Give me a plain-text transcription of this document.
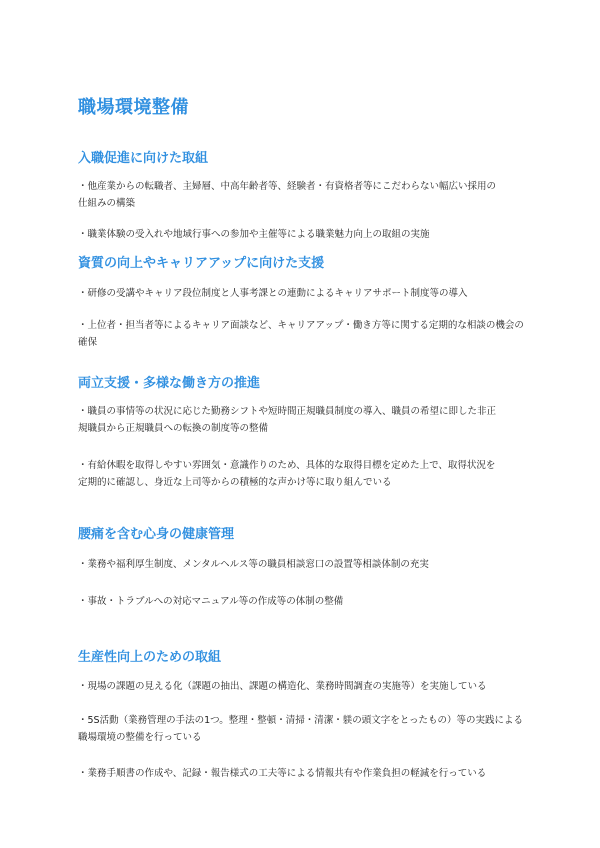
職場環境整備
入職促進に向けた取組
・他産業からの転職者、主婦層、中高年齢者等、経験者・有資格者等にこだわらない幅広い採用の
仕組みの構築
・職業体験の受入れや地域行事への参加や主催等による職業魅力向上の取組の実施
資質の向上やキャリアアップに向けた支援
・研修の受講やキャリア段位制度と人事考課との連動によるキャリアサポート制度等の導入
・上位者・担当者等によるキャリア面談など、キャリアアップ・働き方等に関する定期的な相談の機会の
確保
両立支援・多様な働き方の推進
・職員の事情等の状況に応じた勤務シフトや短時間正規職員制度の導入、職員の希望に即した非正
規職員から正規職員への転換の制度等の整備
・有給休暇を取得しやすい雰囲気・意識作りのため、具体的な取得目標を定めた上で、取得状況を
定期的に確認し、身近な上司等からの積極的な声かけ等に取り組んでいる
腰痛を含む心身の健康管理
・業務や福利厚生制度、メンタルヘルス等の職員相談窓口の設置等相談体制の充実
・事故・トラブルへの対応マニュアル等の作成等の体制の整備
生産性向上のための取組
・現場の課題の見える化（課題の抽出、課題の構造化、業務時間調査の実施等）を実施している
・5S活動（業務管理の手法の1つ。整理・整頓・清掃・清潔・躾の頭文字をとったもの）等の実践による
職場環境の整備を行っている
・業務手順書の作成や、記録・報告様式の工夫等による情報共有や作業負担の軽減を行っている
